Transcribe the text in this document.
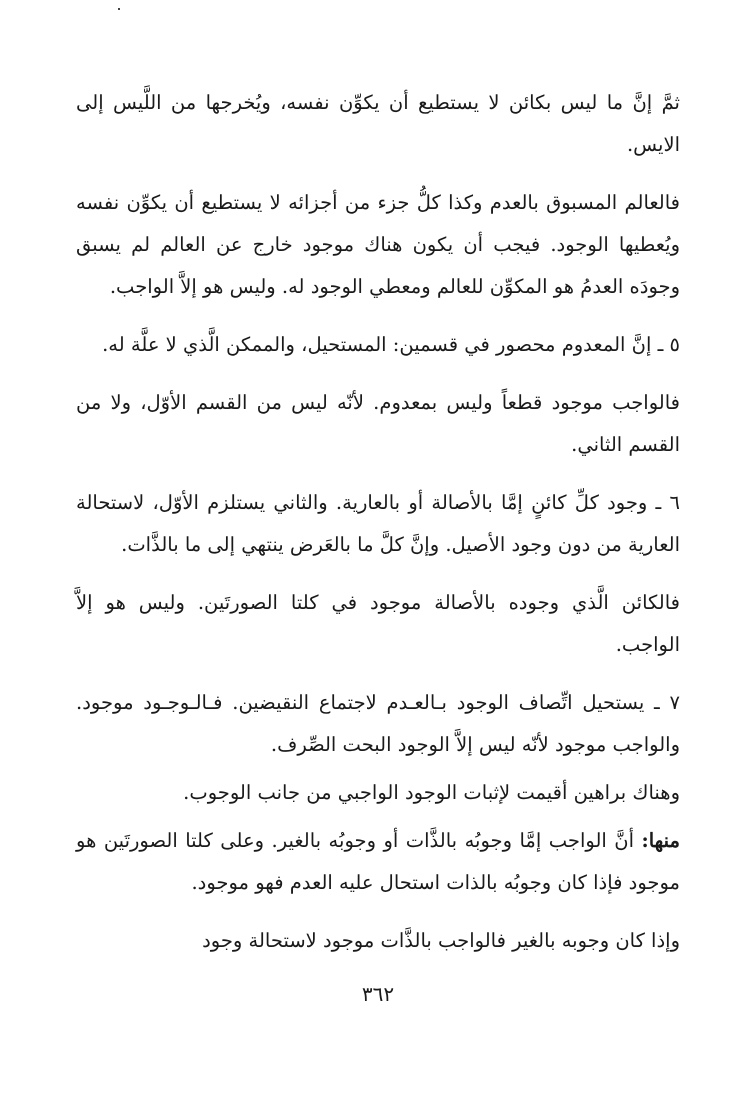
ثمَّ إنَّ ما ليس بكائن لا يستطيع أن يكوِّن نفسه، ويُخرجها من اللَّيس إلى الايس.

فالعالم المسبوق بالعدم وكذا كلُّ جزء من أجزائه لا يستطيع أن يكوِّن نفسه ويُعطيها الوجود. فيجب أن يكون هناك موجود خارج عن العالم لم يسبق وجودَه العدمُ هو المكوِّن للعالم ومعطي الوجود له. وليس هو إلاَّ الواجب.

٥ ـ إنَّ المعدوم محصور في قسمين: المستحيل، والممكن الَّذي لا علَّة له.

فالواجب موجود قطعاً وليس بمعدوم. لأنّه ليس من القسم الأوّل، ولا من القسم الثاني.

٦ ـ وجود كلِّ كائنٍ إمَّا بالأصالة أو بالعارية. والثاني يستلزم الأوّل، لاستحالة العارية من دون وجود الأصيل. وإنَّ كلَّ ما بالعَرض ينتهي إلى ما بالذَّات.

فالكائن الَّذي وجوده بالأصالة موجود في كلتا الصورتَين. وليس هو إلاَّ الواجب.

٧ ـ يستحيل اتِّصاف الوجود بـالعـدم لاجتماع النقيضين. فـالـوجـود موجود. والواجب موجود لأنّه ليس إلاَّ الوجود البحت الصِّرف.

وهناك براهين أقيمت لإثبات الوجود الواجبي من جانب الوجوب.

منها: أنَّ الواجب إمَّا وجوبُه بالذَّات أو وجوبُه بالغير. وعلى كلتا الصورتَين هو موجود فإذا كان وجوبُه بالذات استحال عليه العدم فهو موجود.

وإذا كان وجوبه بالغير فالواجب بالذَّات موجود لاستحالة وجود

٣٦٢
